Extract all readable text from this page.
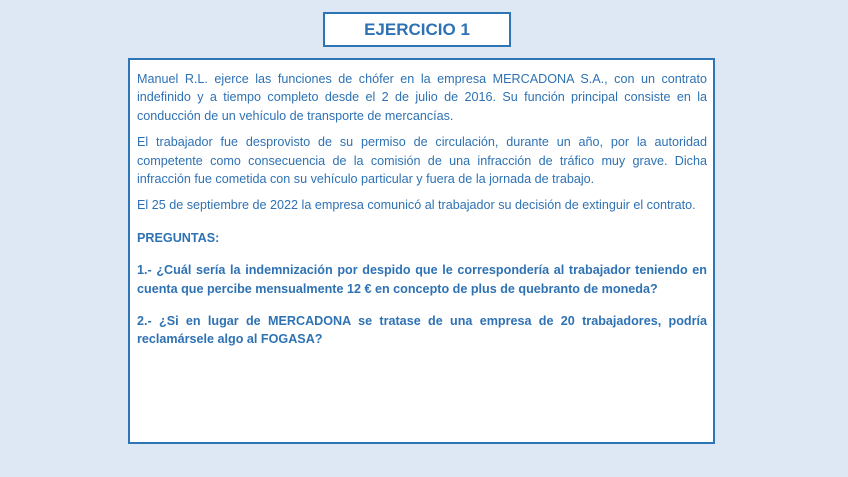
EJERCICIO 1

Manuel R.L. ejerce las funciones de chófer en la empresa MERCADONA S.A., con un contrato indefinido y a tiempo completo desde el 2 de julio de 2016. Su función principal consiste en la conducción de un vehículo de transporte de mercancías.

El trabajador fue desprovisto de su permiso de circulación, durante un año, por la autoridad competente como consecuencia de la comisión de una infracción de tráfico muy grave. Dicha infracción fue cometida con su vehículo particular y fuera de la jornada de trabajo.

El 25 de septiembre de 2022 la empresa comunicó al trabajador su decisión de extinguir el contrato.

PREGUNTAS:

1.- ¿Cuál sería la indemnización por despido que le correspondería al trabajador teniendo en cuenta que percibe mensualmente 12 € en concepto de plus de quebranto de moneda?

2.- ¿Si en lugar de MERCADONA se tratase de una empresa de 20 trabajadores, podría reclamársele algo al FOGASA?
